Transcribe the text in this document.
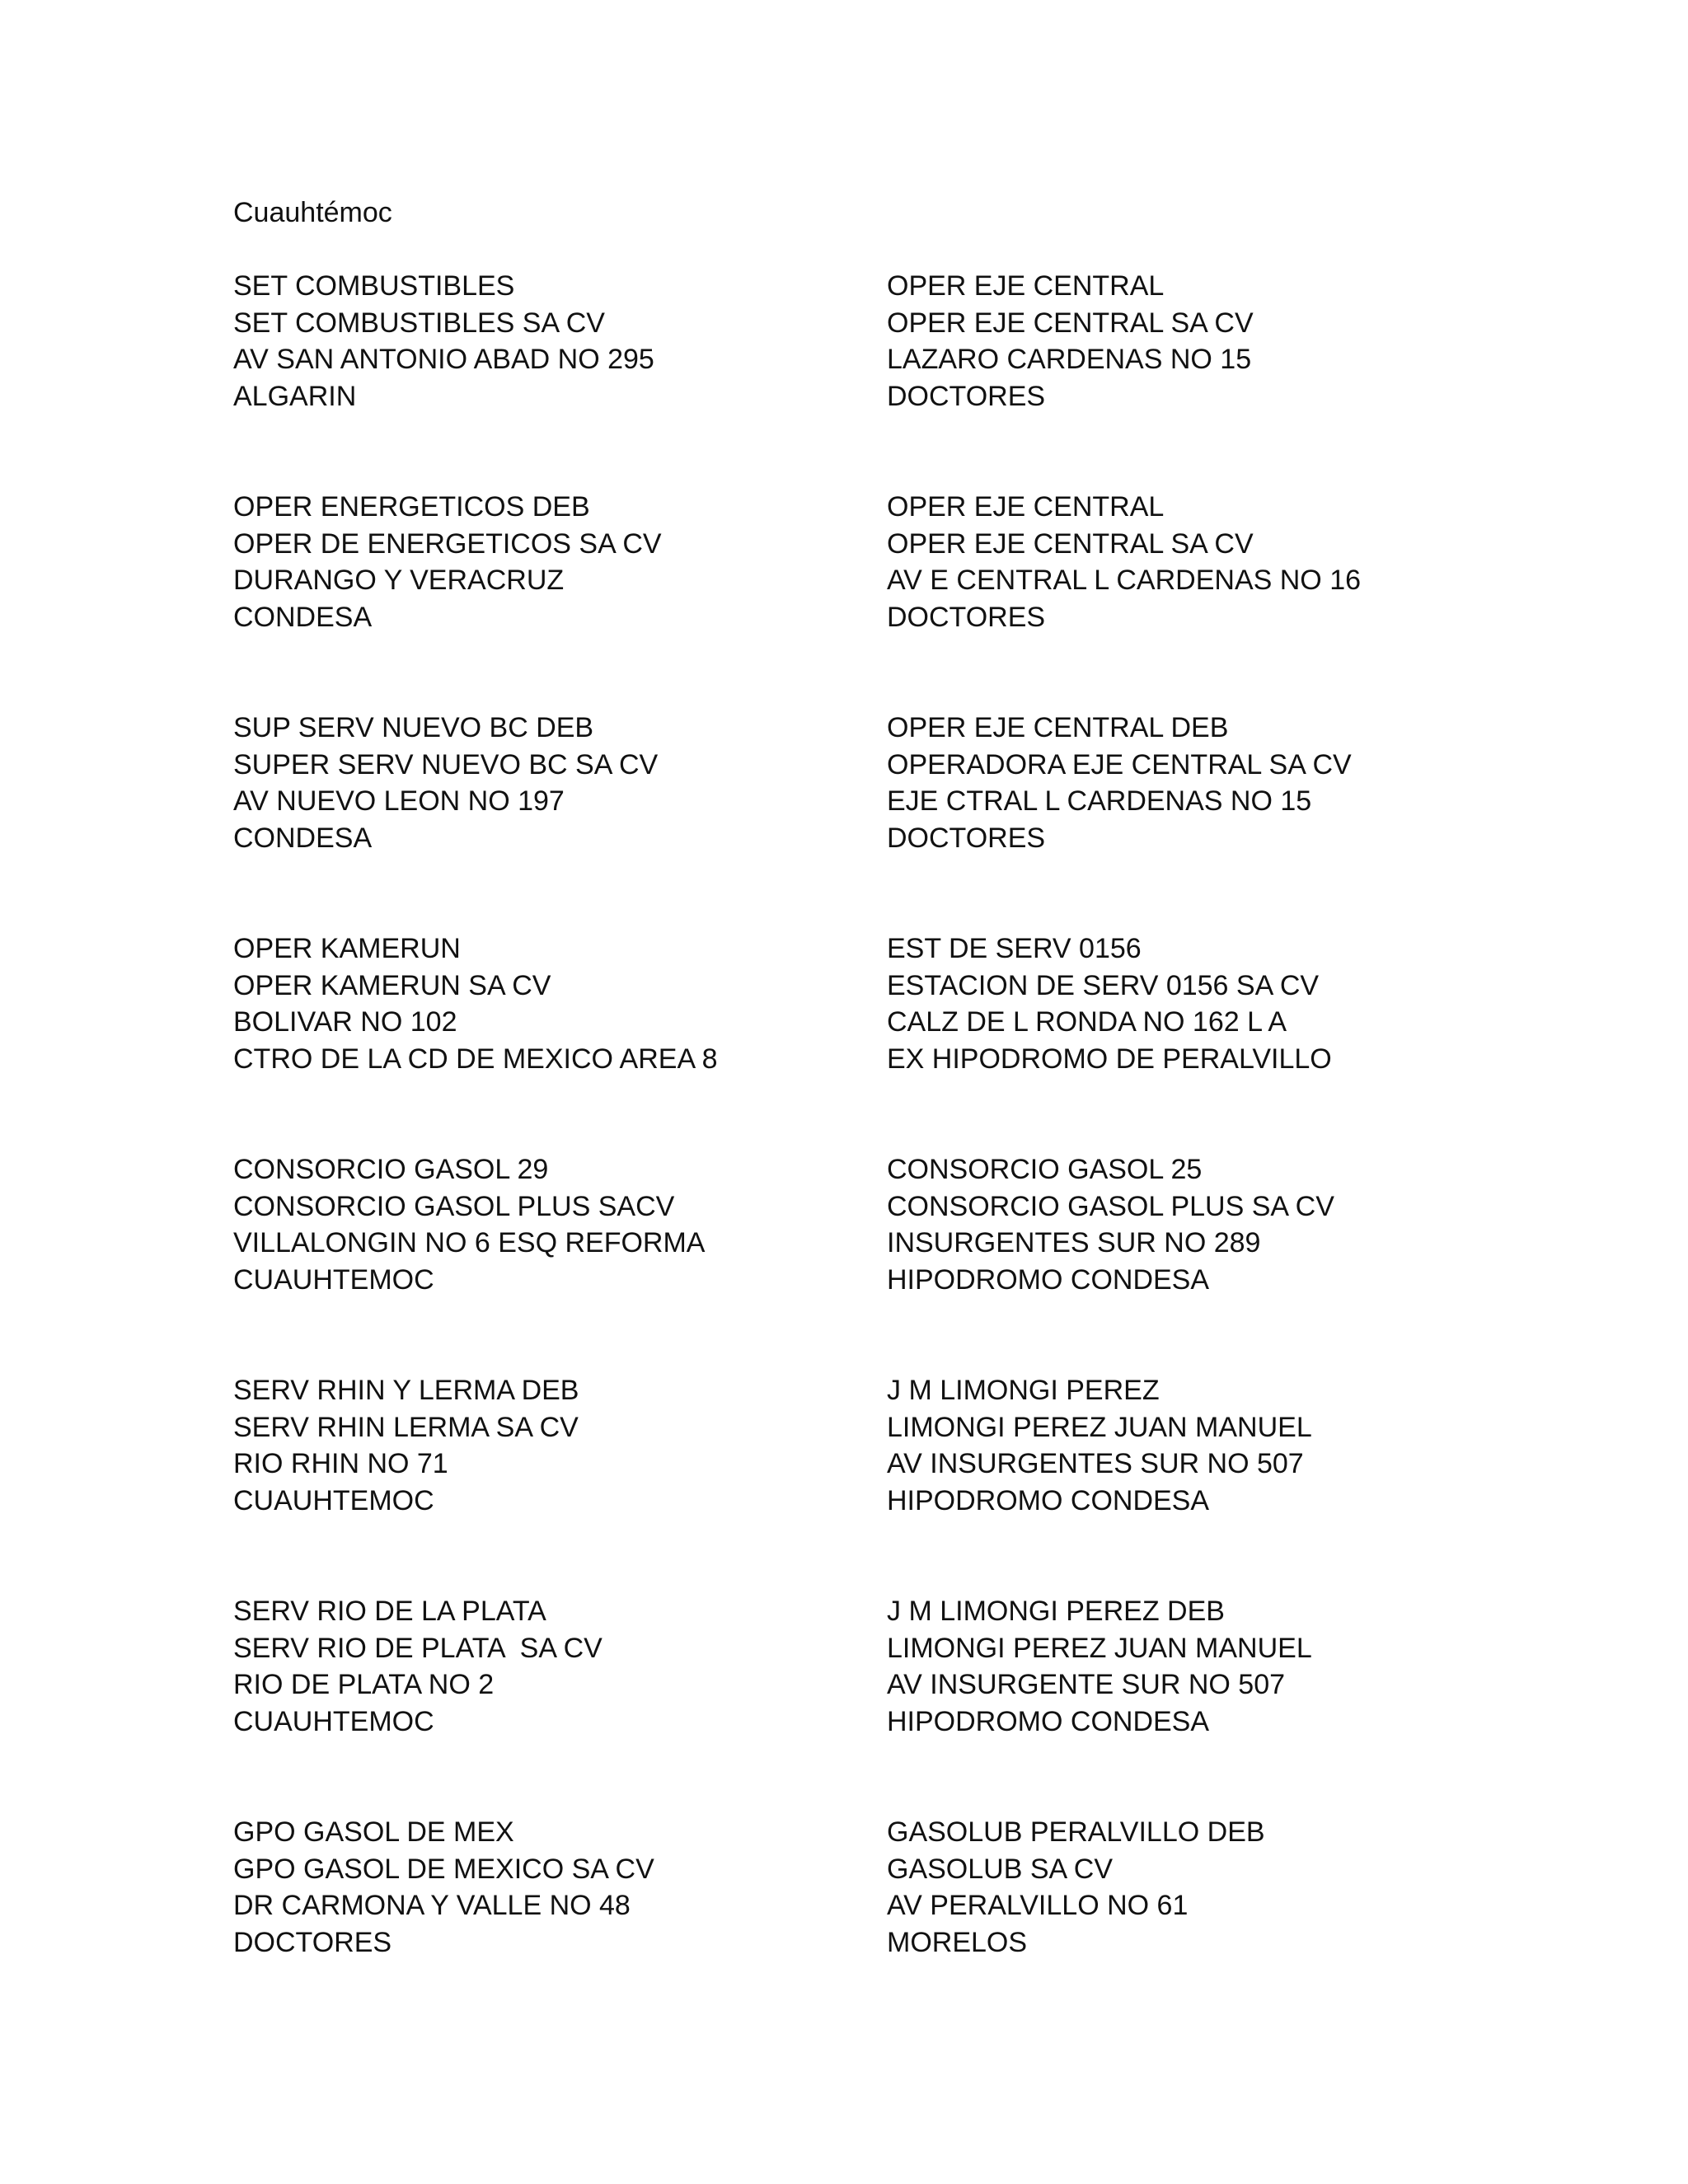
Cuauhtémoc
SET COMBUSTIBLES
SET COMBUSTIBLES SA CV
AV SAN ANTONIO ABAD NO 295
ALGARIN
OPER ENERGETICOS DEB
OPER DE ENERGETICOS SA CV
DURANGO Y VERACRUZ
CONDESA
SUP SERV NUEVO BC DEB
SUPER SERV NUEVO BC SA CV
AV NUEVO LEON NO 197
CONDESA
OPER KAMERUN
OPER KAMERUN SA CV
BOLIVAR NO 102
CTRO DE LA CD DE MEXICO AREA 8
CONSORCIO GASOL 29
CONSORCIO GASOL PLUS SACV
VILLALONGIN NO 6 ESQ REFORMA
CUAUHTEMOC
SERV RHIN Y LERMA DEB
SERV RHIN LERMA SA CV
RIO RHIN NO 71
CUAUHTEMOC
SERV RIO DE LA PLATA
SERV RIO DE PLATA  SA CV
RIO DE PLATA NO 2
CUAUHTEMOC
GPO GASOL DE MEX
GPO GASOL DE MEXICO SA CV
DR CARMONA Y VALLE NO 48
DOCTORES
OPER EJE CENTRAL
OPER EJE CENTRAL SA CV
LAZARO CARDENAS NO 15
DOCTORES
OPER EJE CENTRAL
OPER EJE CENTRAL SA CV
AV E CENTRAL L CARDENAS NO 16
DOCTORES
OPER EJE CENTRAL DEB
OPERADORA EJE CENTRAL SA CV
EJE CTRAL L CARDENAS NO 15
DOCTORES
EST DE SERV 0156
ESTACION DE SERV 0156 SA CV
CALZ DE L RONDA NO 162 L A
EX HIPODROMO DE PERALVILLO
CONSORCIO GASOL 25
CONSORCIO GASOL PLUS SA CV
INSURGENTES SUR NO 289
HIPODROMO CONDESA
J M LIMONGI PEREZ
LIMONGI PEREZ JUAN MANUEL
AV INSURGENTES SUR NO 507
HIPODROMO CONDESA
J M LIMONGI PEREZ DEB
LIMONGI PEREZ JUAN MANUEL
AV INSURGENTE SUR NO 507
HIPODROMO CONDESA
GASOLUB PERALVILLO DEB
GASOLUB SA CV
AV PERALVILLO NO 61
MORELOS
